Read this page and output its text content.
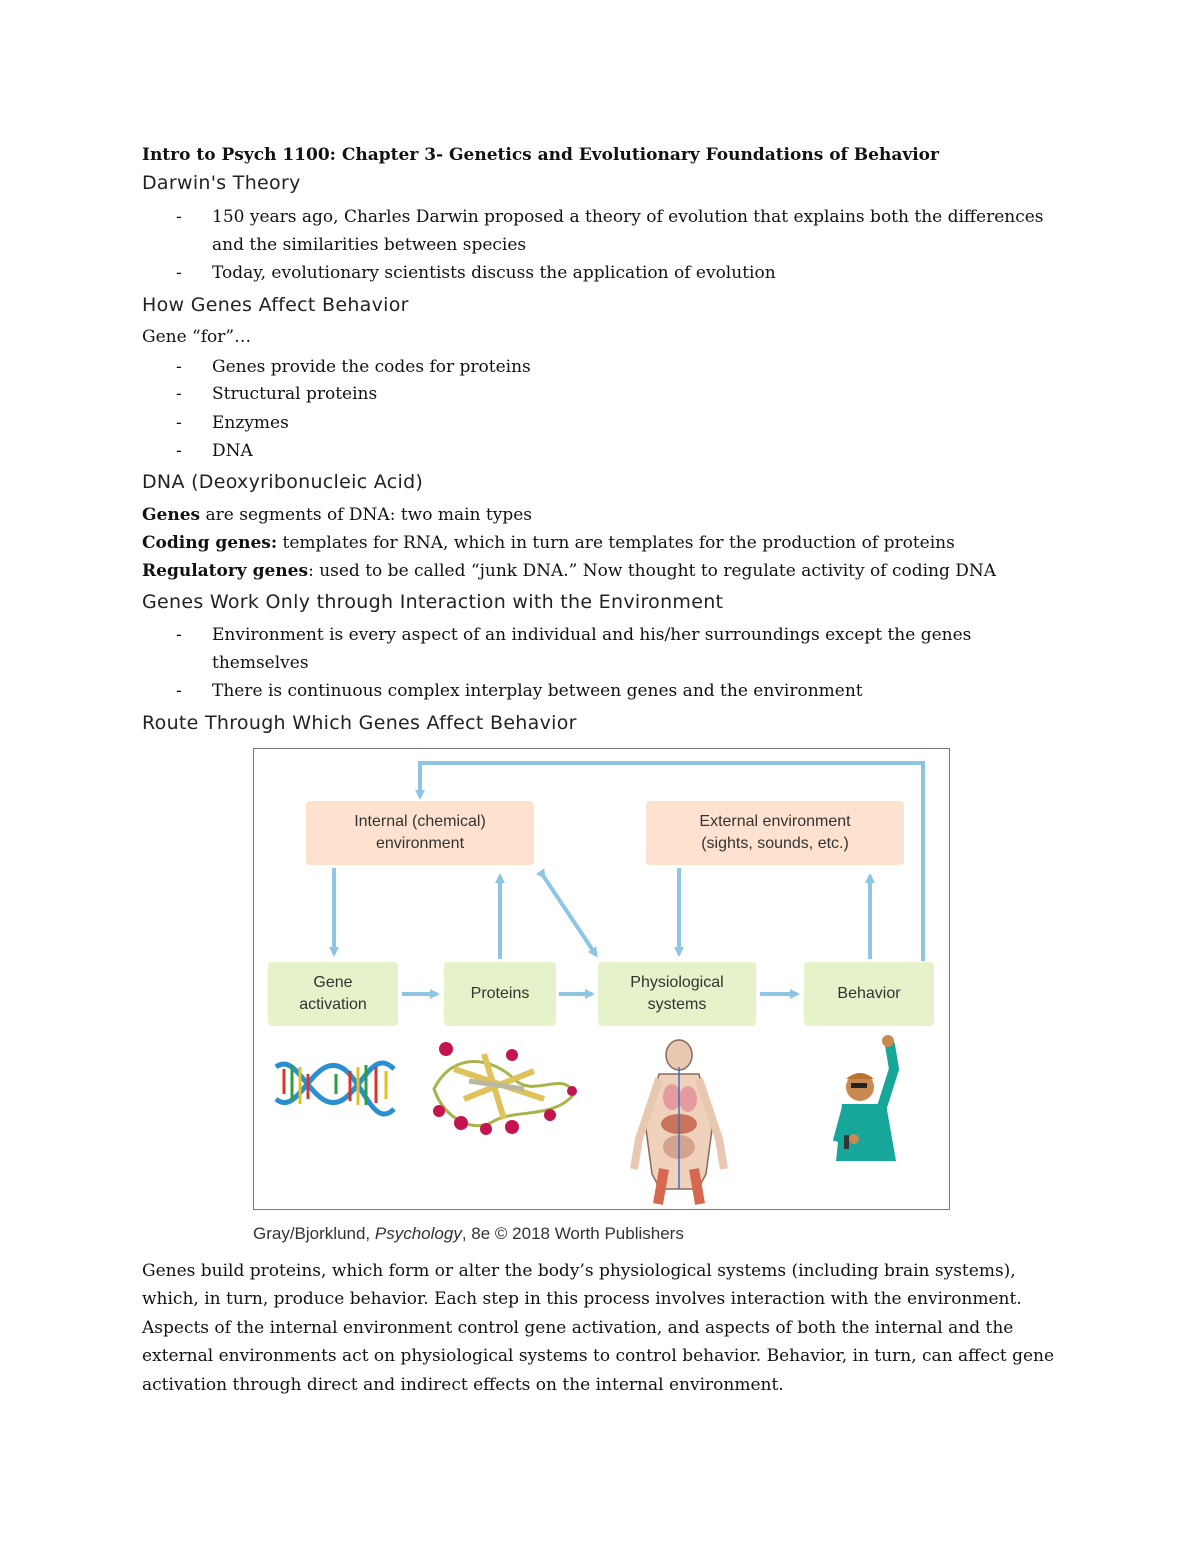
Intro to Psych 1100: Chapter 3- Genetics and Evolutionary Foundations of Behavior
Darwin's Theory
- 150 years ago, Charles Darwin proposed a theory of evolution that explains both the differences
and the similarities between species
- Today, evolutionary scientists discuss the application of evolution
How Genes Affect Behavior
Gene “for”…
- Genes provide the codes for proteins
- Structural proteins
- Enzymes
- DNA
DNA (Deoxyribonucleic Acid)
Genes are segments of DNA: two main types
Coding genes: templates for RNA, which in turn are templates for the production of proteins
Regulatory genes: used to be called “junk DNA.” Now thought to regulate activity of coding DNA
Genes Work Only through Interaction with the Environment
- Environment is every aspect of an individual and his/her surroundings except the genes
themselves
- There is continuous complex interplay between genes and the environment
Route Through Which Genes Affect Behavior
Internal (chemical)
environment
External environment
(sights, sounds, etc.)
Gene
activation
Proteins
Physiological
systems
Behavior
Gray/Bjorklund, Psychology, 8e © 2018 Worth Publishers
Genes build proteins, which form or alter the body’s physiological systems (including brain systems),
which, in turn, produce behavior. Each step in this process involves interaction with the environment.
Aspects of the internal environment control gene activation, and aspects of both the internal and the
external environments act on physiological systems to control behavior. Behavior, in turn, can affect gene
activation through direct and indirect effects on the internal environment.
